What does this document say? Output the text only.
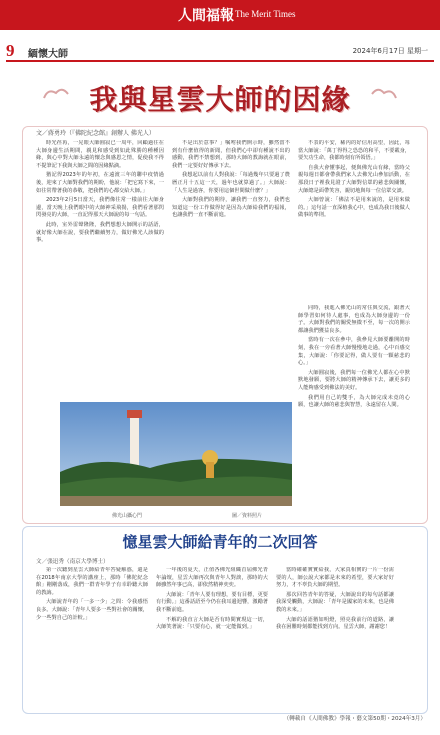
人間福報 The Merit Times
9 緬懷大師	2024年6月17日 星期一
我與星雲大師的因緣
文／蔣勇玲（『佛陀紀念館』創辦人 佛光人）

時光荏苒，一晃眼大師圓寂已一周年，回顧過往在大師身邊生活期間，親見和感受到如此殊勝的種種因緣，與心中對大師永遠的懷念與感恩之情，促使我不得不提筆記下我與大師之間的因緣點滴。

猶記得2023年的年初，在遠渡三年的聯中疫情過後，迎來了大師對我們的期盼，他說：「把它寫下來，一如往常帶著我的恭敬，把我們的心都交給大師。」

2023年2月5日當天，我們像往常一樣前往大師身邊，當天晚上我們眼中的大師神采飛揚，我們看著那閃閃發亮的大師，一直記得那天大師說的每一句話。

此時，室外雷聲隆隆，我們想想大師開示的話語，就好像大師在說，要我們繼續努力，做好佛光人該做的事。

不是出於意事？」嘱咐我們開示時，雖然當不到有什麼值得的新聞，但我們心中卻有種說不出的感動，我們不禁想到，那時大師的教誨就在眼前，我們一定要好好傳承下去。

我想起以前有人對我說：「每過幾年只要過了農曆正月十五這一天，過年也就算過了。」大師說：「人生是過客，你要用這個世間做什麼？」

大師對我們的期待，讓我們一直努力，我們也知道這一份工作做得好是因為大師給我們的福報，也讓我們一直不斷前進。

不表的平安，稀內的好信用高望，因此，每當大師說：「萬丁得得之恐恐的和平，不要載身，要矢功生命，我都時刻有所領悟。」

自我大會懂事起，便與佛光山有緣，當時父親每週日都會帶我們家人去佛光山參加活動，在那段日子裡我見證了大師對信眾的慈悲與關懷，大師總是面帶笑容，親切地與每一位信眾交談。

大師曾說：「佛法不是用來說的，是用來做的。」這句話一直深植我心中，也成為我日後做人做事的準則。

同時，我進入佛光山的常住與交流，跟著大師學習如何待人處事，也成為大師身邊的一份子。大師對我們的關愛無微不至，每一次的開示都讓我們獲益良多。

當時有一次在參中，我參見大師要離開的時刻，我在一旁看著大師慢慢地走過，心中百感交集，大師說：「你要記得，做人要有一顆慈悲的心。」

大師圓寂後，我們每一位佛光人都在心中默默地發願，要將大師的精神傳承下去，讓更多的人能夠感受到佛法的美好。

我們用自己的雙手，為大師完成未竟的心願，也讓大師的慈悲與智慧，永遠留在人間。

佛光山攝心門	圖／資料照片
憶星雲大師給青年的二次回答
文／張迅秀（南京大學博士）

第一次聽到星雲大師給青年答疑解惑，還是在2018年南京大學的講座上，那時「佛陀紀念館」剛剛落成，我們一群青年學子有幸聆聽大師的教誨。

大師說青年的「一多一少」之問：令我感悟良多。大師說：「青年人要多一些對社會的關懷，少一些對自己的計較。」

一年後的夏天，正值各佛光組織首屆佛光青年論壇，星雲大師再次與青年人對談，那時的大師雖然年事已高，卻依然精神奕奕。

大師說：「青年人要有理想，要有目標，更要有行動。」這番話語至今仍在我耳邊迴響，激勵著我不斷前進。

不解的我直言大師是否有時間實現這一切，大師笑著說：「只要有心，就一定能做到。」

當時確確實實給我，大家真相實的一片一份需要的人，師公說大家都是未來的希望，要大家好好努力，才不辜負大師的期望。

那次回答青年的答疑，大師說出的每句話都讓我深受觸動，大師說：「青年是國家的未來，也是佛教的未來。」

大師的話語猶如明燈，照亮我前行的道路，讓我在困難時刻都能找到方向。星雲大師，謝謝您！

（轉載自《人間佛教》學報・藝文第50期・2024年3月）
